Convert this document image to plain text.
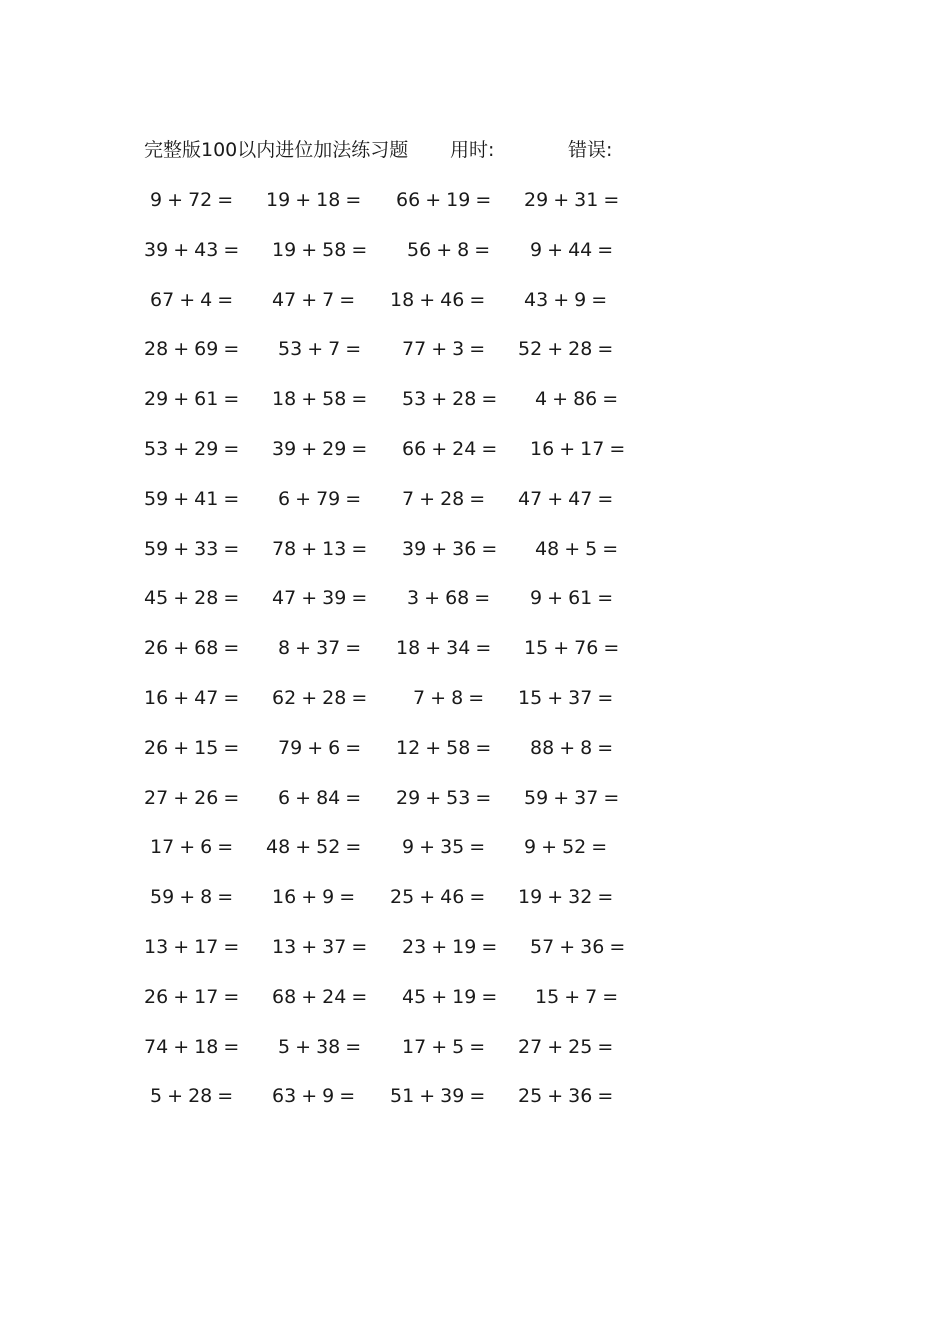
完整版100以内进位加法练习题 用时:	错误:
9 + 72 = 19 + 18 = 66 + 19 = 29 + 31 =
39 + 43 = 19 + 58 = 56 + 8 = 9 + 44 =
67 + 4 = 47 + 7 = 18 + 46 = 43 + 9 =
28 + 69 = 53 + 7 = 77 + 3 = 52 + 28 =
29 + 61 = 18 + 58 = 53 + 28 = 4 + 86 =
53 + 29 = 39 + 29 = 66 + 24 = 16 + 17 =
59 + 41 = 6 + 79 = 7 + 28 = 47 + 47 =
59 + 33 = 78 + 13 = 39 + 36 = 48 + 5 =
45 + 28 = 47 + 39 = 3 + 68 = 9 + 61 =
26 + 68 = 8 + 37 = 18 + 34 = 15 + 76 =
16 + 47 = 62 + 28 = 7 + 8 = 15 + 37 =
26 + 15 = 79 + 6 = 12 + 58 = 88 + 8 =
27 + 26 = 6 + 84 = 29 + 53 = 59 + 37 =
17 + 6 = 48 + 52 = 9 + 35 = 9 + 52 =
59 + 8 = 16 + 9 = 25 + 46 = 19 + 32 =
13 + 17 = 13 + 37 = 23 + 19 = 57 + 36 =
26 + 17 = 68 + 24 = 45 + 19 = 15 + 7 =
74 + 18 = 5 + 38 = 17 + 5 = 27 + 25 =
5 + 28 = 63 + 9 = 51 + 39 = 25 + 36 =
